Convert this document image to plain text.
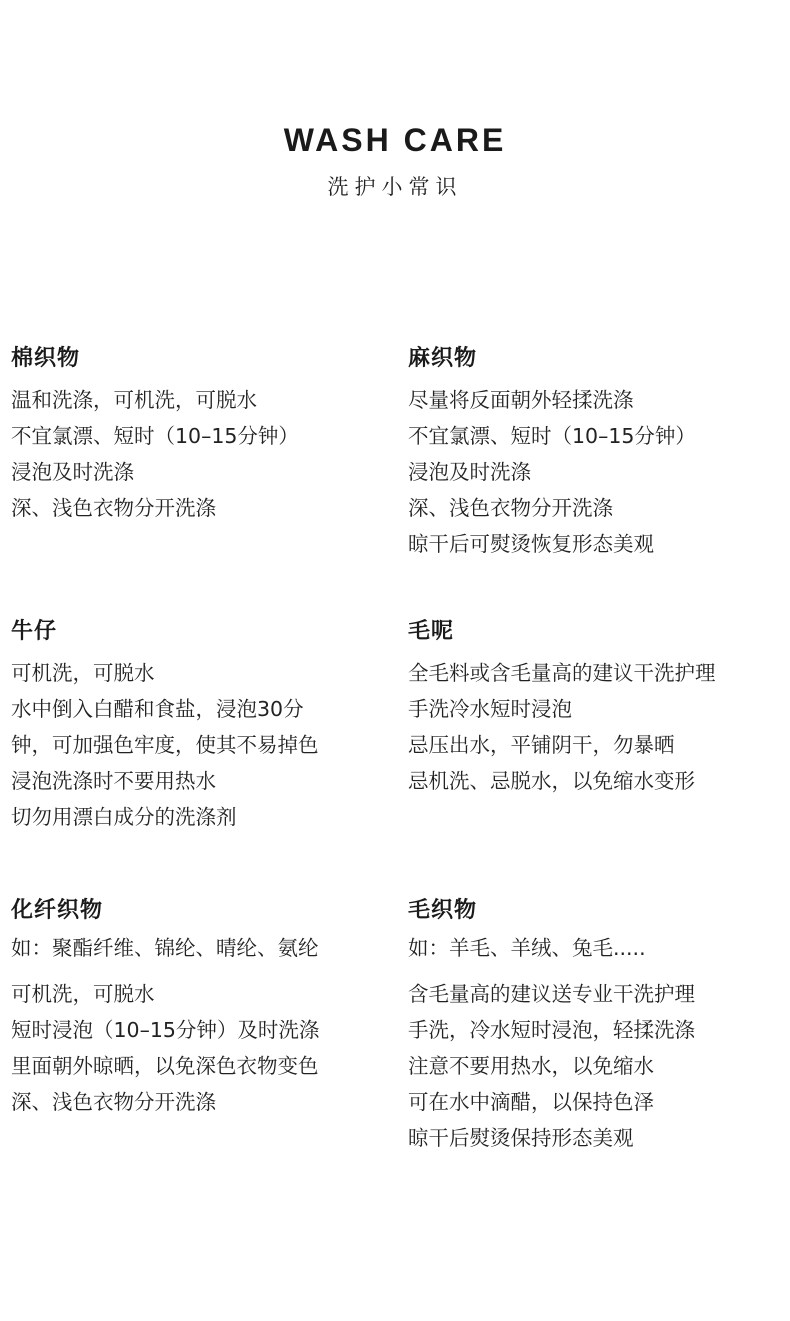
WASH CARE
洗护小常识
棉织物
温和洗涤，可机洗，可脱水
不宜氯漂、短时（10–15分钟）
浸泡及时洗涤
深、浅色衣物分开洗涤
麻织物
尽量将反面朝外轻揉洗涤
不宜氯漂、短时（10–15分钟）
浸泡及时洗涤
深、浅色衣物分开洗涤
晾干后可熨烫恢复形态美观
牛仔
可机洗，可脱水
水中倒入白醋和食盐，浸泡30分
钟，可加强色牢度，使其不易掉色
浸泡洗涤时不要用热水
切勿用漂白成分的洗涤剂
毛呢
全毛料或含毛量高的建议干洗护理
手洗冷水短时浸泡
忌压出水，平铺阴干，勿暴晒
忌机洗、忌脱水，以免缩水变形
化纤织物
如：聚酯纤维、锦纶、晴纶、氨纶
可机洗，可脱水
短时浸泡（10–15分钟）及时洗涤
里面朝外晾晒，以免深色衣物变色
深、浅色衣物分开洗涤
毛织物
如：羊毛、羊绒、兔毛.....
含毛量高的建议送专业干洗护理
手洗，冷水短时浸泡，轻揉洗涤
注意不要用热水，以免缩水
可在水中滴醋，以保持色泽
晾干后熨烫保持形态美观
